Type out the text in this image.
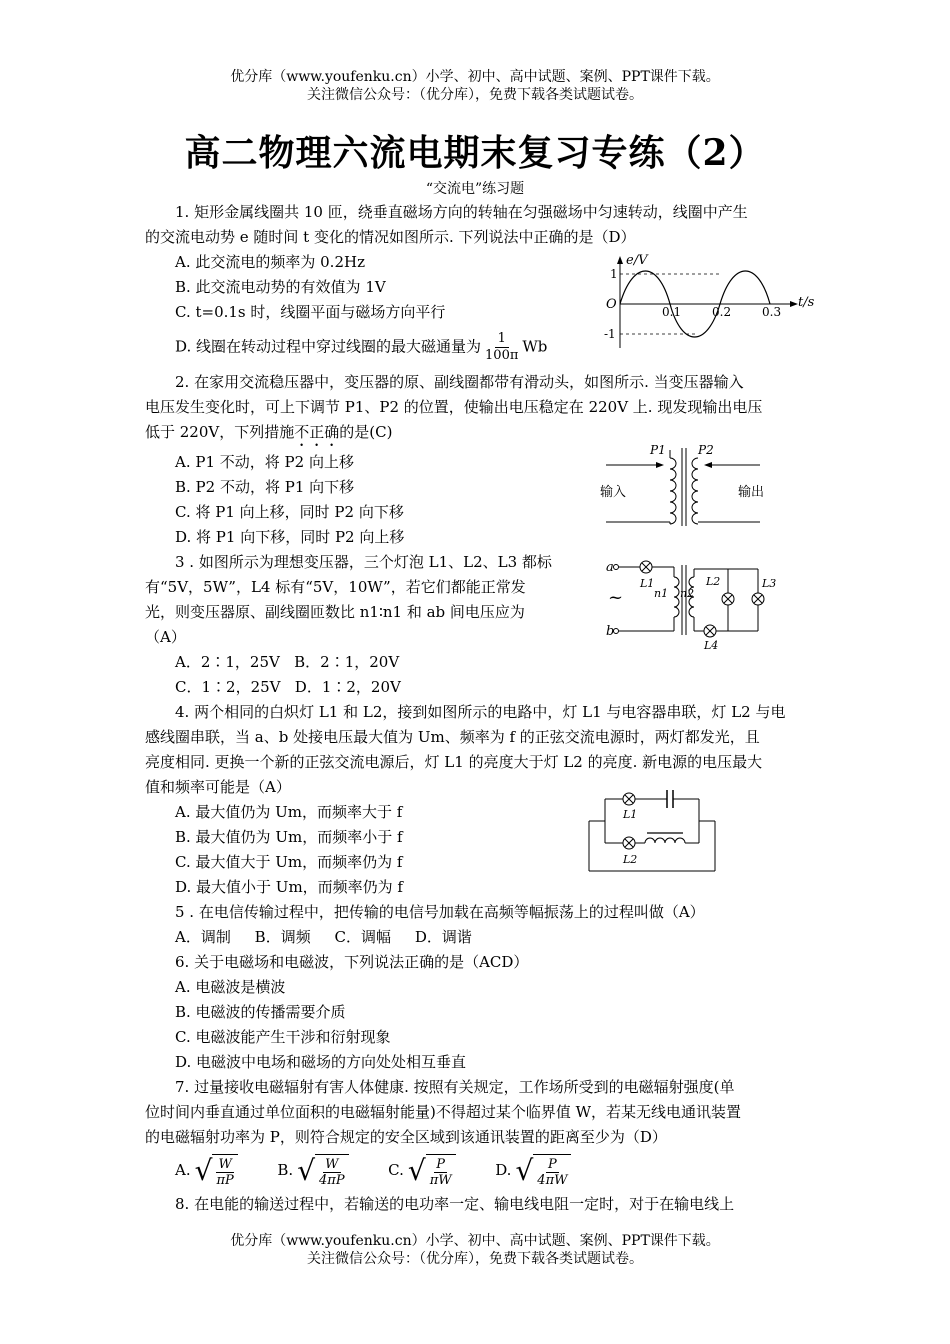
优分库（www.youfenku.cn）小学、初中、高中试题、案例、PPT课件下载。
关注微信公众号：（优分库），免费下载各类试题试卷。
高二物理六流电期末复习专练（2）
“交流电”练习题

1. 矩形金属线圈共 10 匝，绕垂直磁场方向的转轴在匀强磁场中匀速转动，线圈中产生

的交流电动势 e 随时间 t 变化的情况如图所示. 下列说法中正确的是（D）

A. 此交流电的频率为 0.2Hz

B. 此交流电动势的有效值为 1V

C. t=0.1s 时，线圈平面与磁场方向平行

D. 线圈在转动过程中穿过线圈的最大磁通量为 $\frac{1}{100\pi}$ Wb

2. 在家用交流稳压器中，变压器的原、副线圈都带有滑动头，如图所示. 当变压器输入

电压发生变化时，可上下调节 P1、P2 的位置，使输出电压稳定在 220V 上. 现发现输出电压

低于 220V，下列措施不正确的是(C)

A. P1 不动，将 P2 向上移

B. P2 不动，将 P1 向下移

C. 将 P1 向上移，同时 P2 向下移

D. 将 P1 向下移，同时 P2 向上移

3 . 如图所示为理想变压器，三个灯泡 L1、L2、L3 都标

有“5V，5W”，L4 标有“5V，10W”，若它们都能正常发

光，则变压器原、副线圈匝数比 n1∶n1 和 ab 间电压应为

（A）

A．2∶1，25V   B．2∶1，20V

C．1∶2，25V   D．1∶2，20V

4. 两个相同的白炽灯 L1 和 L2，接到如图所示的电路中，灯 L1 与电容器串联，灯 L2 与电

感线圈串联，当 a、b 处接电压最大值为 Um、频率为 f 的正弦交流电源时，两灯都发光，且

亮度相同. 更换一个新的正弦交流电源后，灯 L1 的亮度大于灯 L2 的亮度. 新电源的电压最大

值和频率可能是（A）

A. 最大值仍为 Um，而频率大于 f

B. 最大值仍为 Um，而频率小于 f

C. 最大值大于 Um，而频率仍为 f

D. 最大值小于 Um，而频率仍为 f

5 . 在电信传输过程中，把传输的电信号加载在高频等幅振荡上的过程叫做（A）

A．调制     B．调频     C．调幅     D．调谐

6. 关于电磁场和电磁波，下列说法正确的是（ACD）

A. 电磁波是横波

B. 电磁波的传播需要介质

C. 电磁波能产生干涉和衍射现象

D. 电磁波中电场和磁场的方向处处相互垂直

7. 过量接收电磁辐射有害人体健康. 按照有关规定，工作场所受到的电磁辐射强度(单

位时间内垂直通过单位面积的电磁辐射能量)不得超过某个临界值 W，若某无线电通讯装置

的电磁辐射功率为 P，则符合规定的安全区域到该通讯装置的距离至少为（D）

A. √ $\frac{W}{\pi P}$	B. √ $\frac{W}{4\pi P}$	C. √ $\frac{P}{\pi W}$	D. √ $\frac{P}{4\pi W}$

8. 在电能的输送过程中，若输送的电功率一定、输电线电阻一定时，对于在输电线上

e/V
t/s
O
1
-1
0.1	0.2	0.3
P1	P2
输入	输出
a
b
~
L1
n1 n2
L2	L3
L4
L1
L2
优分库（www.youfenku.cn）小学、初中、高中试题、案例、PPT课件下载。
关注微信公众号：（优分库），免费下载各类试题试卷。
